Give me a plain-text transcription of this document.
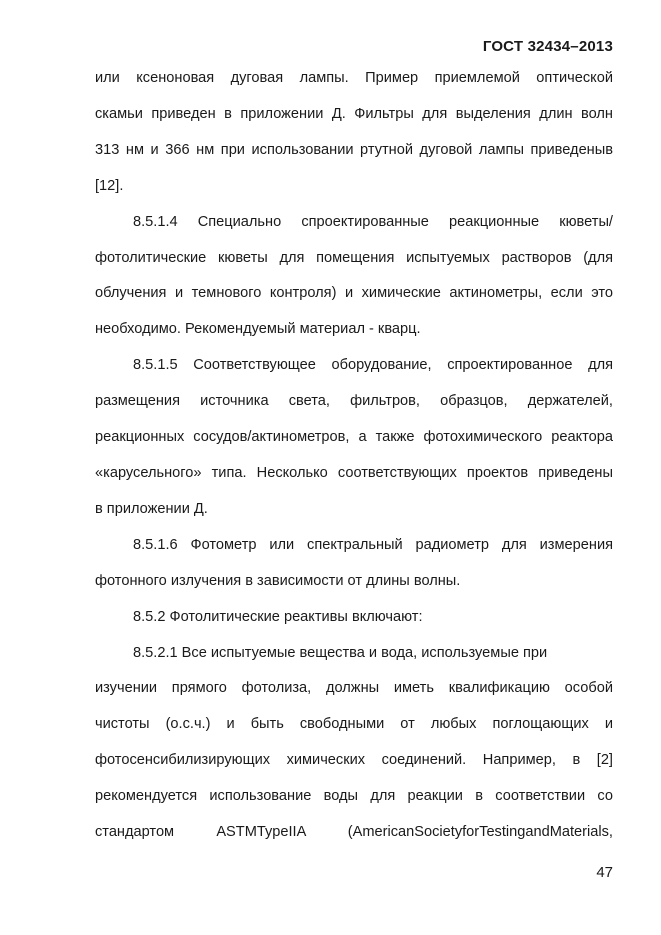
ГОСТ 32434–2013

или ксеноновая дуговая лампы. Пример приемлемой оптической

скамьи приведен в приложении Д. Фильтры для выделения длин волн

313 нм и 366 нм при использовании ртутной дуговой лампы приведеныв

[12].

8.5.1.4 Специально спроектированные реакционные кюветы/

фотолитические кюветы для помещения испытуемых растворов (для

облучения и темнового контроля) и химические актинометры, если это

необходимо. Рекомендуемый материал - кварц.

8.5.1.5 Соответствующее оборудование, спроектированное для

размещения источника света, фильтров, образцов, держателей,

реакционных сосудов/актинометров, а также фотохимического реактора

«карусельного» типа. Несколько соответствующих проектов приведены

в приложении Д.

8.5.1.6 Фотометр или спектральный радиометр для измерения

фотонного излучения в зависимости от длины волны.

8.5.2 Фотолитические реактивы включают:

8.5.2.1 Все испытуемые вещества и вода, используемые при

изучении прямого фотолиза, должны иметь квалификацию особой

чистоты (о.с.ч.) и быть свободными от любых поглощающих и

фотосенсибилизирующих химических соединений. Например, в [2]

рекомендуется использование воды для реакции в соответствии со

стандартом ASTMTypeIIA (AmericanSocietyforTestingandMaterials,

47
